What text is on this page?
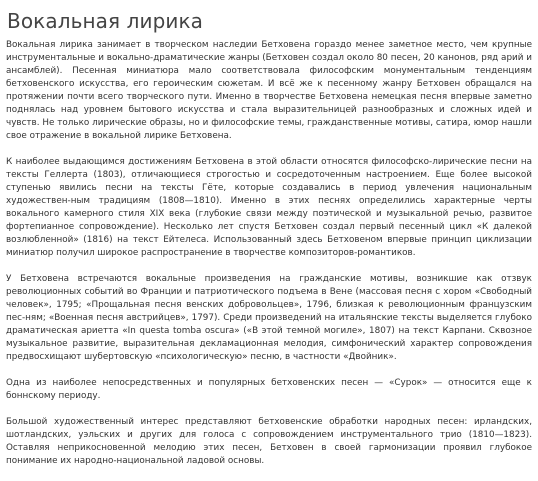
Вокальная лирика

Вокальная лирика занимает в творческом наследии Бетховена гораздо менее заметное место, чем крупные инструментальные и вокально-драматические жанры (Бетховен создал около 80 песен, 20 канонов, ряд арий и ансамблей). Песенная миниатюра мало соответствовала философским монументальным тенденциям бетховенского искусства, его героическим сюжетам. И всё же к песенному жанру Бетховен обращался на протяжении почти всего творческого пути. Именно в творчестве Бетховена немецкая песня впервые заметно поднялась над уровнем бытового искусства и стала выразительницей разнообразных и сложных идей и чувств. Не только лирические образы, но и философские темы, гражданственные мотивы, сатира, юмор нашли свое отражение в вокальной лирике Бетховена.

К наиболее выдающимся достижениям Бетховена в этой области относятся философско-лирические песни на тексты Геллерта (1803), отличающиеся строгостью и сосредоточенным настроением. Еще более высокой ступенью явились песни на тексты Гёте, которые создавались в период увлечения национальным художествен-ным традициям (1808—1810). Именно в этих песнях определились характерные черты вокального камерного стиля XIX века (глубокие связи между поэтической и музыкальной речью, развитое фортепианное сопровождение). Несколько лет спустя Бетховен создал первый песенный цикл «К далекой возлюбленной» (1816) на текст Ейтелеса. Использованный здесь Бетховеном впервые принцип циклизации миниатюр получил широкое распространение в творчестве композиторов-романтиков.

У Бетховена встречаются вокальные произведения на гражданские мотивы, возникшие как отзвук революционных событий во Франции и патриотического подъема в Вене (массовая песня с хором «Свободный человек», 1795; «Прощальная песня венских добровольцев», 1796, близкая к революционным французским пес-ням; «Военная песня австрийцев», 1797). Среди произведений на итальянские тексты выделяется глубоко драматическая ариетта «In questa tomba oscura» («В этой темной могиле», 1807) на текст Карпани. Сквозное музыкальное развитие, выразительная декламационная мелодия, симфонический характер сопровождения предвосхищают шубертовскую «психологическую» песню, в частности «Двойник».

Одна из наиболее непосредственных и популярных бетховенских песен — «Сурок» — относится еще к боннскому периоду.

Большой художественный интерес представляют бетховенские обработки народных песен: ирландских, шотландских, уэльских и других для голоса с сопровождением инструментального трио (1810—1823). Оставляя неприкосновенной мелодию этих песен, Бетховен в своей гармонизации проявил глубокое понимание их народно-национальной ладовой основы.
